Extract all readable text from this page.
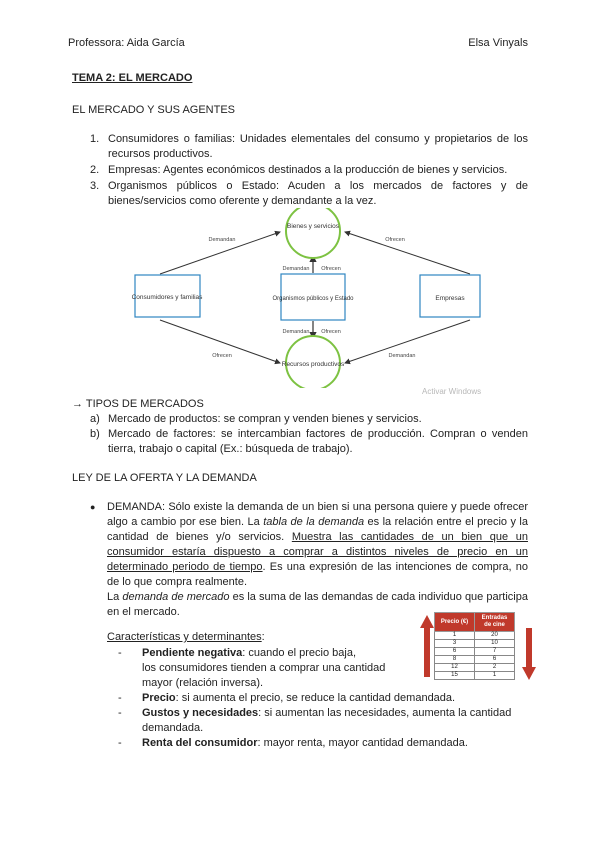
Professora: Aida García	Elsa Vinyals
TEMA 2: EL MERCADO
EL MERCADO Y SUS AGENTES
1. Consumidores o familias: Unidades elementales del consumo y propietarios de los recursos productivos.
2. Empresas: Agentes económicos destinados a la producción de bienes y servicios.
3. Organismos públicos o Estado: Acuden a los mercados de factores y de bienes/servicios como oferente y demandante a la vez.
Bienes y servicios
Recursos productivos
Consumidores y familias	Organismos públicos y Estado	Empresas
Demandan	Ofrecen
Demandan Ofrecen
Demandan Ofrecen
Ofrecen	Demandan
Activar Windows
→ TIPOS DE MERCADOS
a) Mercado de productos: se compran y venden bienes y servicios.
b) Mercado de factores: se intercambian factores de producción. Compran o venden tierra, trabajo o capital (Ex.: búsqueda de trabajo).
LEY DE LA OFERTA Y LA DEMANDA
● DEMANDA: Sólo existe la demanda de un bien si una persona quiere y puede ofrecer algo a cambio por ese bien. La tabla de la demanda es la relación entre el precio y la cantidad de bienes y/o servicios. Muestra las cantidades de un bien que un consumidor estaría dispuesto a comprar a distintos niveles de precio en un determinado periodo de tiempo. Es una expresión de las intenciones de compra, no de lo que compra realmente.
La demanda de mercado es la suma de las demandas de cada individuo que participa en el mercado.
Características y determinantes:
- Pendiente negativa: cuando el precio baja,
los consumidores tienden a comprar una cantidad
mayor (relación inversa).
- Precio: si aumenta el precio, se reduce la cantidad demandada.
- Gustos y necesidades: si aumentan las necesidades, aumenta la cantidad demandada.
- Renta del consumidor: mayor renta, mayor cantidad demandada.
Precio (€)	Entradas de cine
1	20
3	10
6	7
8	6
12	2
15	1
